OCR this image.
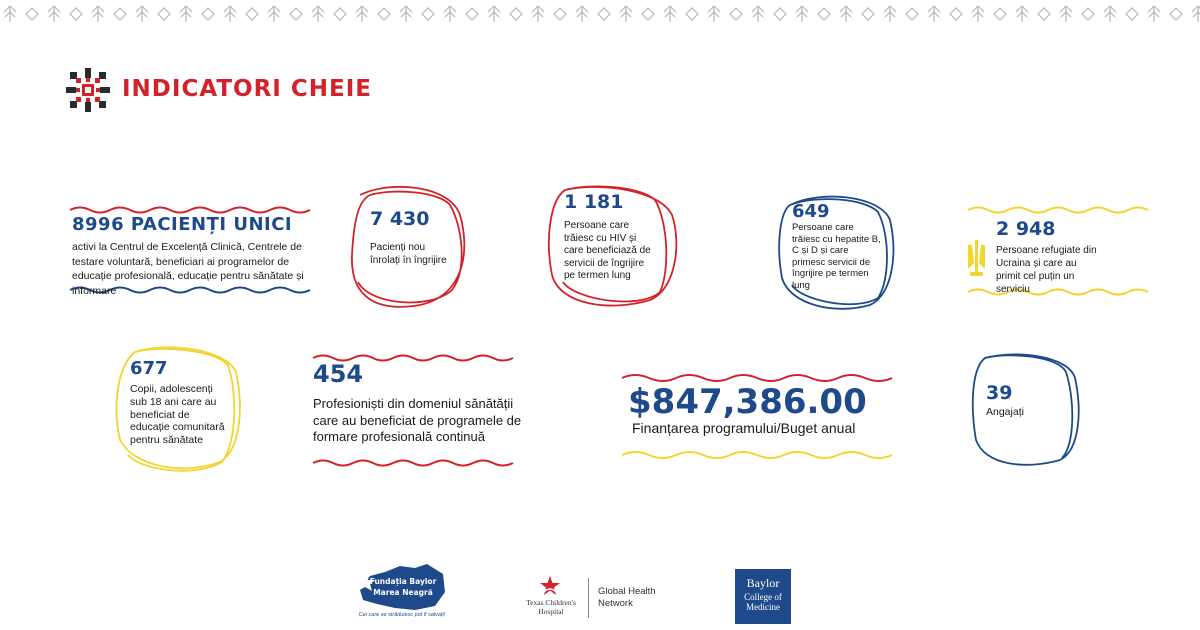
INDICATORI CHEIE
8996 PACIENȚI UNICI
activi la Centrul de Excelență Clinică, Centrele de testare voluntară, beneficiari ai programelor de educație profesională, educație pentru sănătate și informare
7 430
Pacienți nou înrolați în îngrijire
1 181
Persoane care trăiesc cu HIV și care beneficiază de servicii de îngrijire pe termen lung
649
Persoane care trăiesc cu hepatite B, C și D și care primesc servicii de îngrijire pe termen lung
2 948
Persoane refugiate din Ucraina și care au primit cel puțin un serviciu
677
Copii, adolescenți sub 18 ani care au beneficiat de educație comunitară pentru sănătate
454
Profesioniști din domeniul sănătății care au beneficiat de programele de formare profesională continuă
$847,386.00
Finanțarea programului/Buget anual
39
Angajați
Fundația Baylor
Marea Neagră
Cei care se străduiesc pot fi salvați!
Texas Children's
Hospital
Global Health
Network
Baylor
College of
Medicine
